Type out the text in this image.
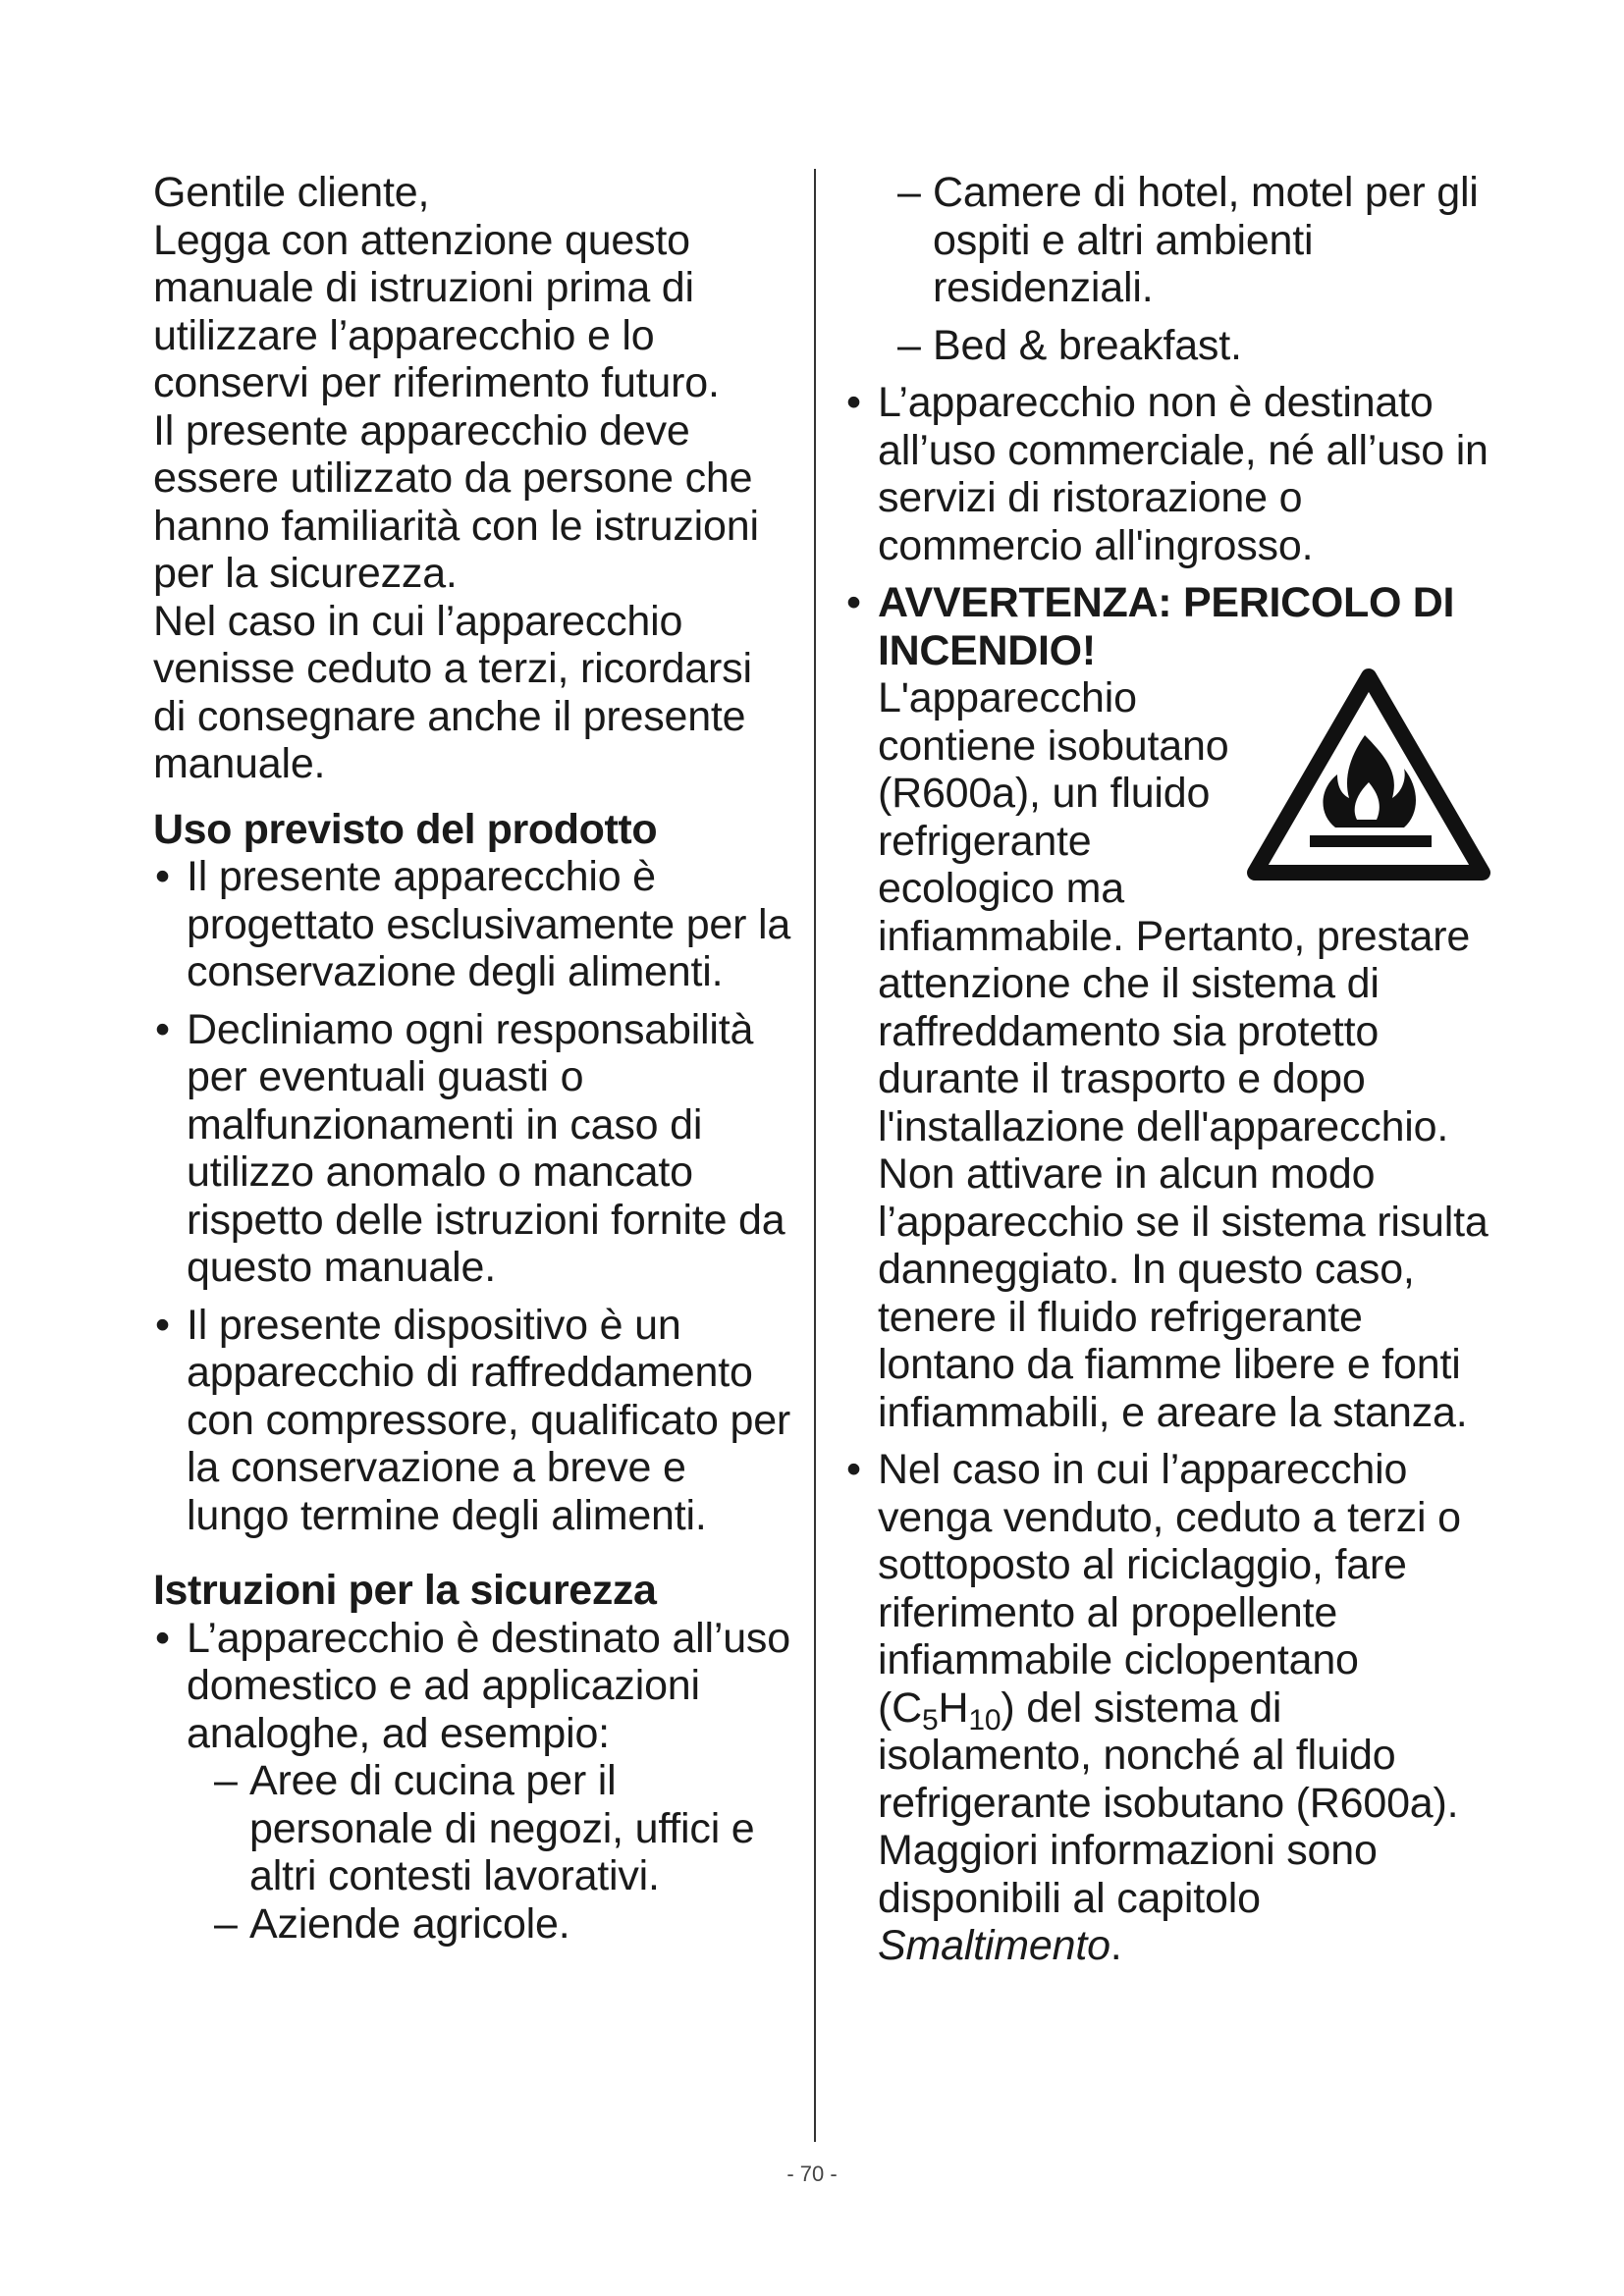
Gentile cliente,

Legga con attenzione questo manuale di istruzioni prima di utilizzare l’apparecchio e lo conservi per riferimento futuro.

Il presente apparecchio deve essere utilizzato da persone che hanno familiarità con le istruzioni per la sicurezza.

Nel caso in cui l’apparecchio venisse ceduto a terzi, ricordarsi di consegnare anche il presente manuale.

Uso previsto del prodotto

• Il presente apparecchio è progettato esclusivamente per la conservazione degli alimenti.

• Decliniamo ogni responsabilità per eventuali guasti o malfunzionamenti in caso di utilizzo anomalo o mancato rispetto delle istruzioni fornite da questo manuale.

• Il presente dispositivo è un apparecchio di raffreddamento con compressore, qualificato per la conservazione a breve e lungo termine degli alimenti.

Istruzioni per la sicurezza

• L’apparecchio è destinato all’uso domestico e ad applicazioni analoghe, ad esempio:

– Aree di cucina per il personale di negozi, uffici e altri contesti lavorativi.

– Aziende agricole.

– Camere di hotel, motel per gli ospiti e altri ambienti residenziali.

– Bed & breakfast.

• L’apparecchio non è destinato all’uso commerciale, né all’uso in servizi di ristorazione o commercio all'ingrosso.

• AVVERTENZA: PERICOLO DI INCENDIO!

L'apparecchio contiene isobutano (R600a), un fluido refrigerante ecologico ma infiammabile. Pertanto, prestare attenzione che il sistema di raffreddamento sia protetto durante il trasporto e dopo l'installazione dell'apparecchio. Non attivare in alcun modo l’apparecchio se il sistema risulta danneggiato. In questo caso, tenere il fluido refrigerante lontano da fiamme libere e fonti infiammabili, e areare la stanza.

• Nel caso in cui l’apparecchio venga venduto, ceduto a terzi o sottoposto al riciclaggio, fare riferimento al propellente infiammabile ciclopentano $(C_5H_{10})$ del sistema di isolamento, nonché al fluido refrigerante isobutano (R600a). Maggiori informazioni sono disponibili al capitolo Smaltimento.

- 70 -
